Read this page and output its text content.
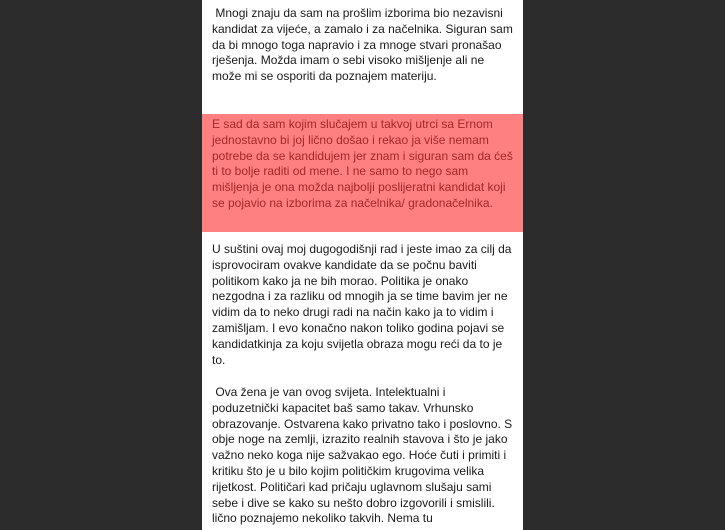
Mnogi znaju da sam na prošlim izborima bio nezavisni kandidat za vijeće, a zamalo i za načelnika. Siguran sam da bi mnogo toga napravio i za mnoge stvari pronašao rješenja. Možda imam o sebi visoko mišljenje ali ne može mi se osporiti da poznajem materiju.
E sad da sam kojim slučajem u takvoj utrci sa Ernom jednostavno bi joj lično došao i rekao ja više nemam potrebe da se kandidujem jer znam i siguran sam da ćeš ti to bolje raditi od mene. I ne samo to nego sam mišljenja je ona možda najbolji poslijeratni kandidat koji se pojavio na izborima za načelnika/ gradonačelnika.
U suštini ovaj moj dugogodišnji rad i jeste imao za cilj da isprovociram ovakve kandidate da se počnu baviti politikom kako ja ne bih morao. Politika je onako nezgodna i za razliku od mnogih ja se time bavim jer ne vidim da to neko drugi radi na način kako ja to vidim i zamišljam. I evo konačno nakon toliko godina pojavi se kandidatkinja za koju svijetla obraza mogu reći da to je to.
Ova žena je van ovog svijeta. Intelektualni i poduzetnički kapacitet baš samo takav. Vrhunsko obrazovanje. Ostvarena kako privatno tako i poslovno. S obje noge na zemlji, izrazito realnih stavova i što je jako važno neko koga nije sažvakao ego. Hoće čuti i primiti i kritiku što je u bilo kojim političkim krugovima velika rijetkost. Političari kad pričaju uglavnom slušaju sami sebe i dive se kako su nešto dobro izgovorili i smislili. lično poznajemo nekoliko takvih. Nema tu
